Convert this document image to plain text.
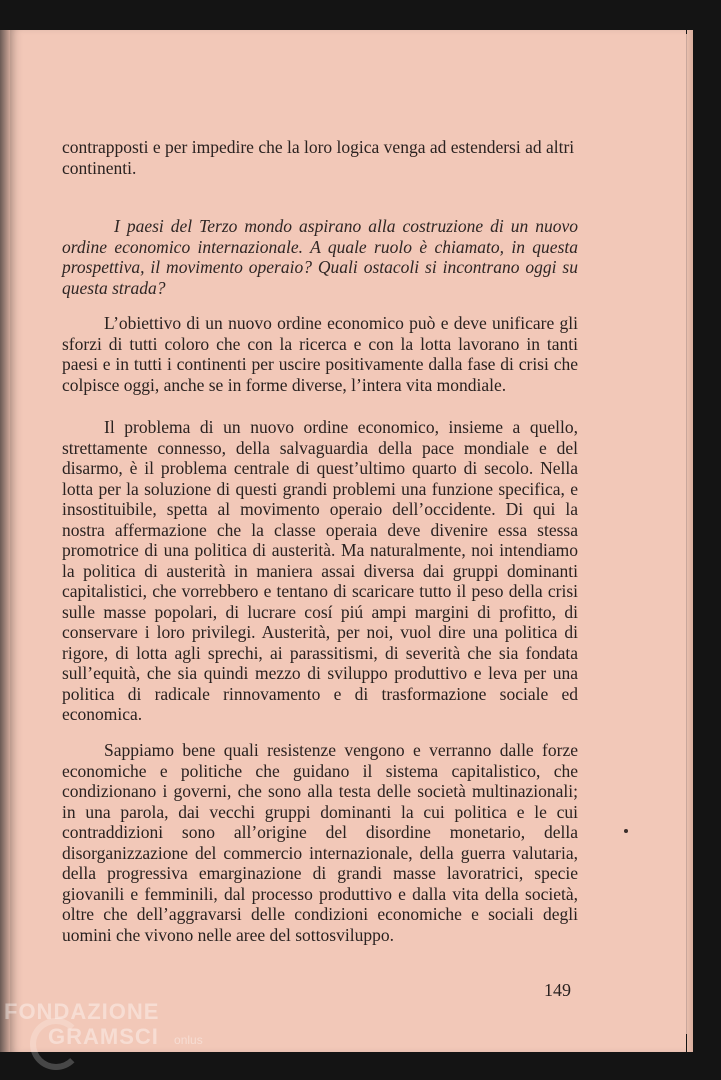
contrapposti e per impedire che la loro logica venga ad estendersi ad altri continenti.

I paesi del Terzo mondo aspirano alla costruzione di un nuovo ordine economico internazionale. A quale ruolo è chiamato, in questa prospettiva, il movimento operaio? Quali ostacoli si incontrano oggi su questa strada?

L’obiettivo di un nuovo ordine economico può e deve unificare gli sforzi di tutti coloro che con la ricerca e con la lotta lavorano in tanti paesi e in tutti i continenti per uscire positivamente dalla fase di crisi che colpisce oggi, anche se in forme diverse, l’intera vita mondiale.

Il problema di un nuovo ordine economico, insieme a quello, strettamente connesso, della salvaguardia della pace mondiale e del disarmo, è il problema centrale di quest’ultimo quarto di secolo. Nella lotta per la soluzione di questi grandi problemi una funzione specifica, e insostituibile, spetta al movimento operaio dell’occidente. Di qui la nostra affermazione che la classe operaia deve divenire essa stessa promotrice di una politica di austerità. Ma naturalmente, noi intendiamo la politica di austerità in maniera assai diversa dai gruppi dominanti capitalistici, che vorrebbero e tentano di scaricare tutto il peso della crisi sulle masse popolari, di lucrare cosí piú ampi margini di profitto, di conservare i loro privilegi. Austerità, per noi, vuol dire una politica di rigore, di lotta agli sprechi, ai parassitismi, di severità che sia fondata sull’equità, che sia quindi mezzo di sviluppo produttivo e leva per una politica di radicale rinnovamento e di trasformazione sociale ed economica.

Sappiamo bene quali resistenze vengono e verranno dalle forze economiche e politiche che guidano il sistema capitalistico, che condizionano i governi, che sono alla testa delle società multinazionali; in una parola, dai vecchi gruppi dominanti la cui politica e le cui contraddizioni sono all’origine del disordine monetario, della disorganizzazione del commercio internazionale, della guerra valutaria, della progressiva emarginazione di grandi masse lavoratrici, specie giovanili e femminili, dal processo produttivo e dalla vita della società, oltre che dell’aggravarsi delle condizioni economiche e sociali degli uomini che vivono nelle aree del sottosviluppo.

149
FONDAZIONE
GRAMSCI onlus
